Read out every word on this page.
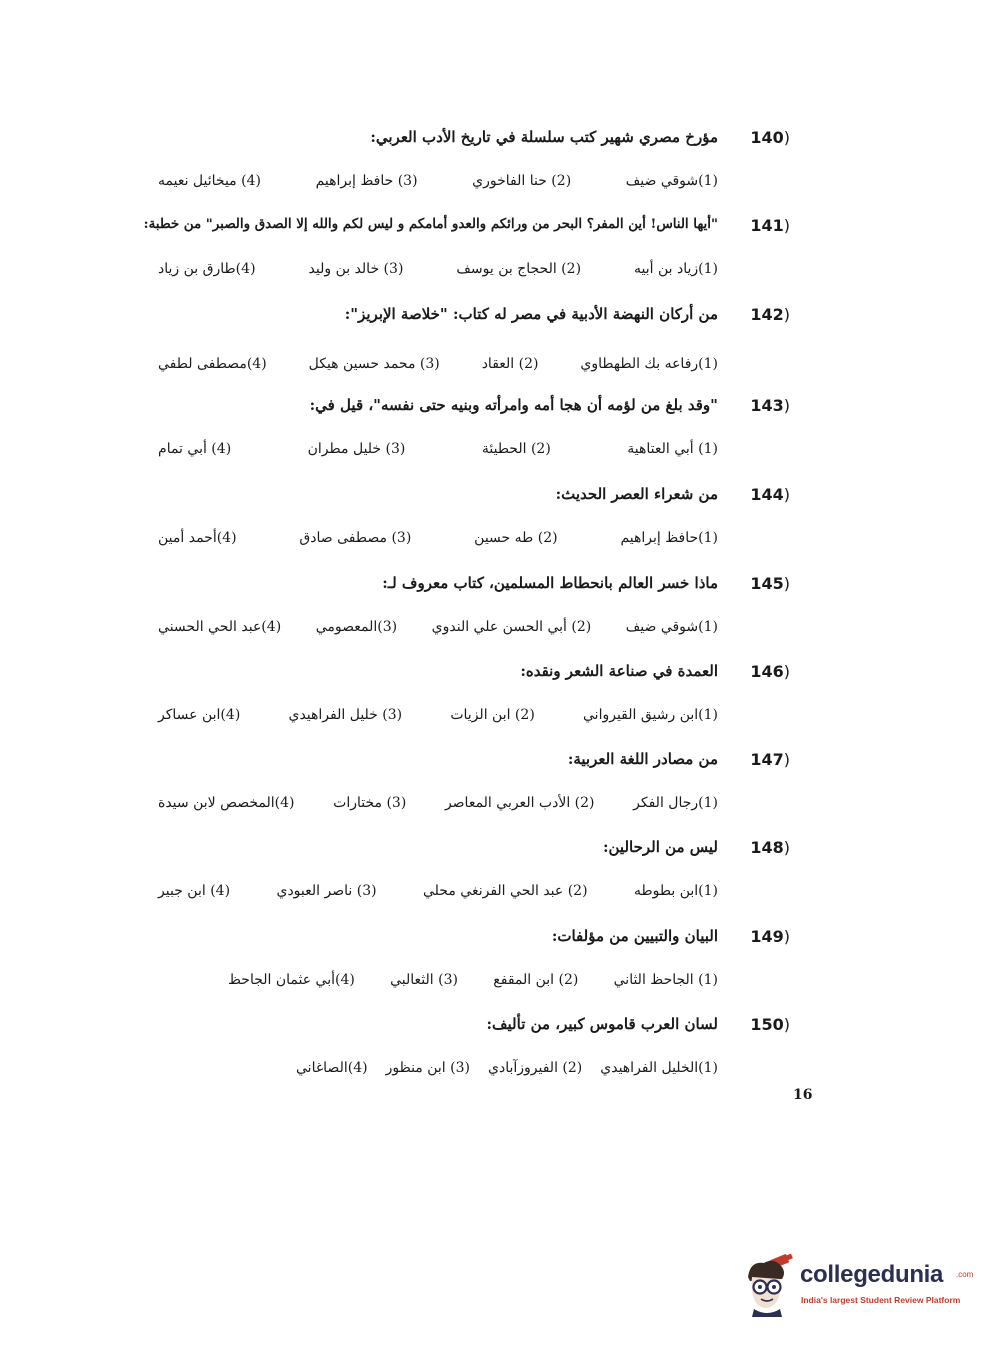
140 )
مؤرخ مصري شهير كتب سلسلة في تاريخ الأدب العربي:
(1)شوقي ضيف
(2) حنا الفاخوري
(3) حافظ إبراهيم
(4) ميخائيل نعيمه
141 )
"أيها الناس! أين المفر؟ البحر من ورائكم والعدو أمامكم و ليس لكم والله إلا الصدق والصبر" من خطبة:
(1)زياد بن أبيه
(2) الحجاج بن يوسف
(3) خالد بن وليد
(4)طارق بن زياد
142 )
من أركان النهضة الأدبية في مصر له كتاب: "خلاصة الإبريز":
(1)رفاعه بك الطهطاوي
(2) العقاد
(3) محمد حسين هيكل
(4)مصطفى لطفي
143 )
"وقد بلغ من لؤمه أن هجا أمه وامرأته وبنيه حتى نفسه"، قيل في:
(1) أبي العتاهية
(2) الحطيئة
(3) خليل مطران
(4) أبي تمام
144 )
من شعراء العصر الحديث:
(1)حافظ إبراهيم
(2) طه حسين
(3) مصطفى صادق
(4)أحمد أمين
145 )
ماذا خسر العالم بانحطاط المسلمين، كتاب معروف لـ:
(1)شوقي ضيف
(2) أبي الحسن علي الندوي
(3)المعصومي
(4)عبد الحي الحسني
146 )
العمدة في صناعة الشعر ونقده:
(1)ابن رشيق القيرواني
(2) ابن الزيات
(3) خليل الفراهيدي
(4)ابن عساكر
147 )
من مصادر اللغة العربية:
(1)رجال الفكر
(2) الأدب العربي المعاصر
(3) مختارات
(4)المخصص لابن سيدة
148 )
ليس من الرحالين:
(1)ابن بطوطه
(2) عبد الحي الفرنغي محلي
(3) ناصر العبودي
(4) ابن جبير
149 )
البيان والتبيين من مؤلفات:
(1) الجاحظ الثاني
(2) ابن المقفع
(3) الثعالبي
(4)أبي عثمان الجاحظ
150 )
لسان العرب قاموس كبير، من تأليف:
(1)الخليل الفراهيدي
(2) الفيروزآبادي
(3) ابن منظور
(4)الصاغاني
16
collegedunia .com
India's largest Student Review Platform
